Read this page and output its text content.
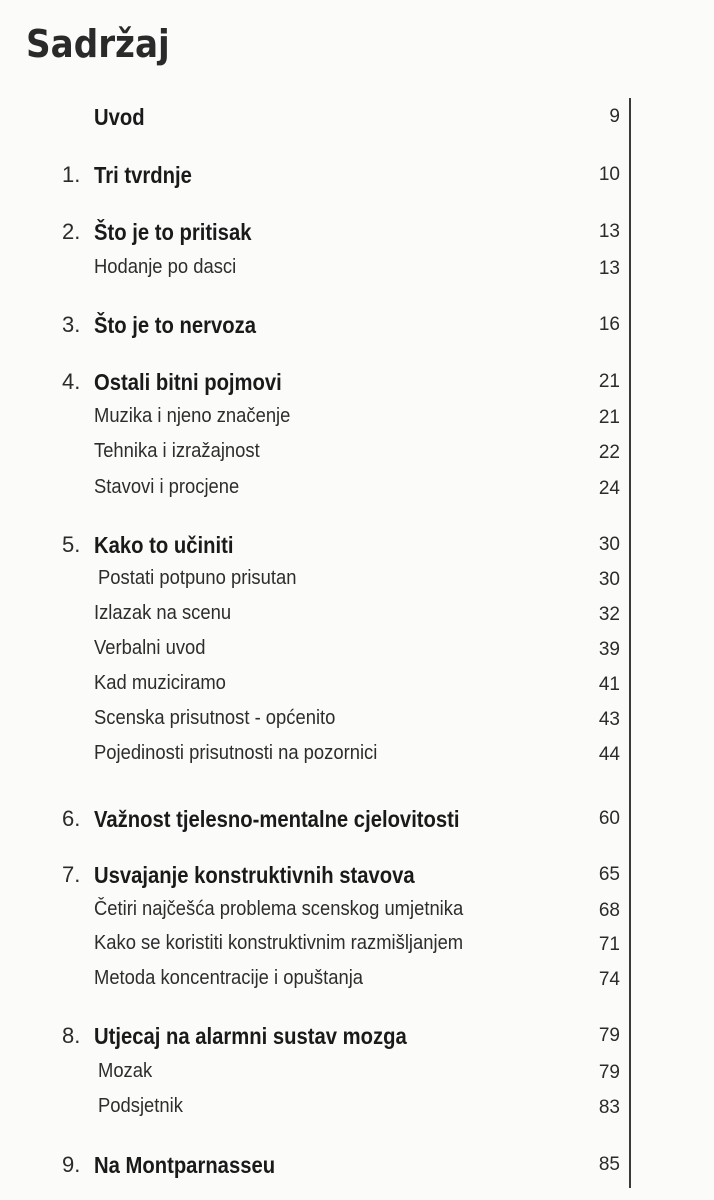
Sadržaj
Uvod	9
1. Tri tvrdnje	10
2. Što je to pritisak	13
Hodanje po dasci	13
3. Što je to nervoza	16
4. Ostali bitni pojmovi	21
Muzika i njeno značenje	21
Tehnika i izražajnost	22
Stavovi i procjene	24
5. Kako to učiniti	30
Postati potpuno prisutan	30
Izlazak na scenu	32
Verbalni uvod	39
Kad muziciramo	41
Scenska prisutnost - općenito	43
Pojedinosti prisutnosti na pozornici	44
6. Važnost tjelesno-mentalne cjelovitosti	60
7. Usvajanje konstruktivnih stavova	65
Četiri najčešća problema scenskog umjetnika	68
Kako se koristiti konstruktivnim razmišljanjem	71
Metoda koncentracije i opuštanja	74
8. Utjecaj na alarmni sustav mozga	79
Mozak	79
Podsjetnik	83
9. Na Montparnasseu	85
